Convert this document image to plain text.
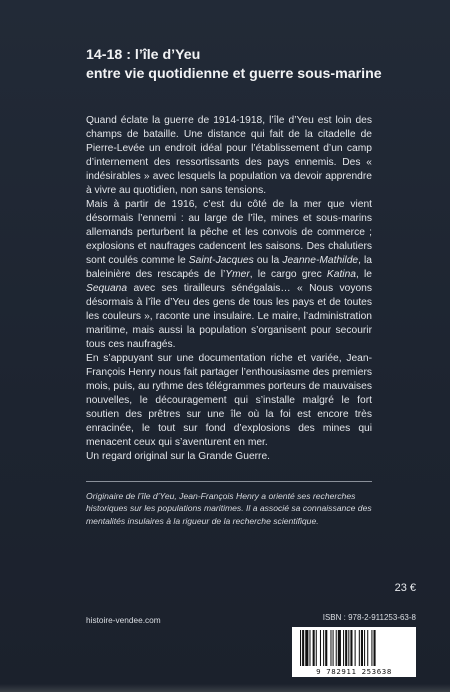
14-18 : l’île d’Yeu
entre vie quotidienne et guerre sous-marine

Quand éclate la guerre de 1914-1918, l’île d’Yeu est loin des champs de bataille. Une distance qui fait de la citadelle de Pierre-Levée un endroit idéal pour l’établissement d’un camp d’internement des ressortissants des pays ennemis. Des « indésirables » avec lesquels la population va devoir apprendre à vivre au quotidien, non sans tensions.

Mais à partir de 1916, c’est du côté de la mer que vient désormais l’ennemi : au large de l’île, mines et sous-marins allemands perturbent la pêche et les convois de commerce ; explosions et naufrages cadencent les saisons. Des chalutiers sont coulés comme le Saint-Jacques ou la Jeanne-Mathilde, la baleinière des rescapés de l’Ymer, le cargo grec Katina, le Sequana avec ses tirailleurs sénégalais… « Nous voyons désormais à l’île d’Yeu des gens de tous les pays et de toutes les couleurs », raconte une insulaire. Le maire, l’administration maritime, mais aussi la population s’organisent pour secourir tous ces naufragés.

En s’appuyant sur une documentation riche et variée, Jean-François Henry nous fait partager l’enthousiasme des premiers mois, puis, au rythme des télégrammes porteurs de mauvaises nouvelles, le découragement qui s’installe malgré le fort soutien des prêtres sur une île où la foi est encore très enracinée, le tout sur fond d’explosions des mines qui menacent ceux qui s’aventurent en mer.

Un regard original sur la Grande Guerre.

Originaire de l’île d’Yeu, Jean-François Henry a orienté ses recherches historiques sur les populations maritimes. Il a associé sa connaissance des mentalités insulaires à la rigueur de la recherche scientifique.
23 €
histoire-vendee.com	ISBN : 978-2-911253-63-8
9 782911 253638
